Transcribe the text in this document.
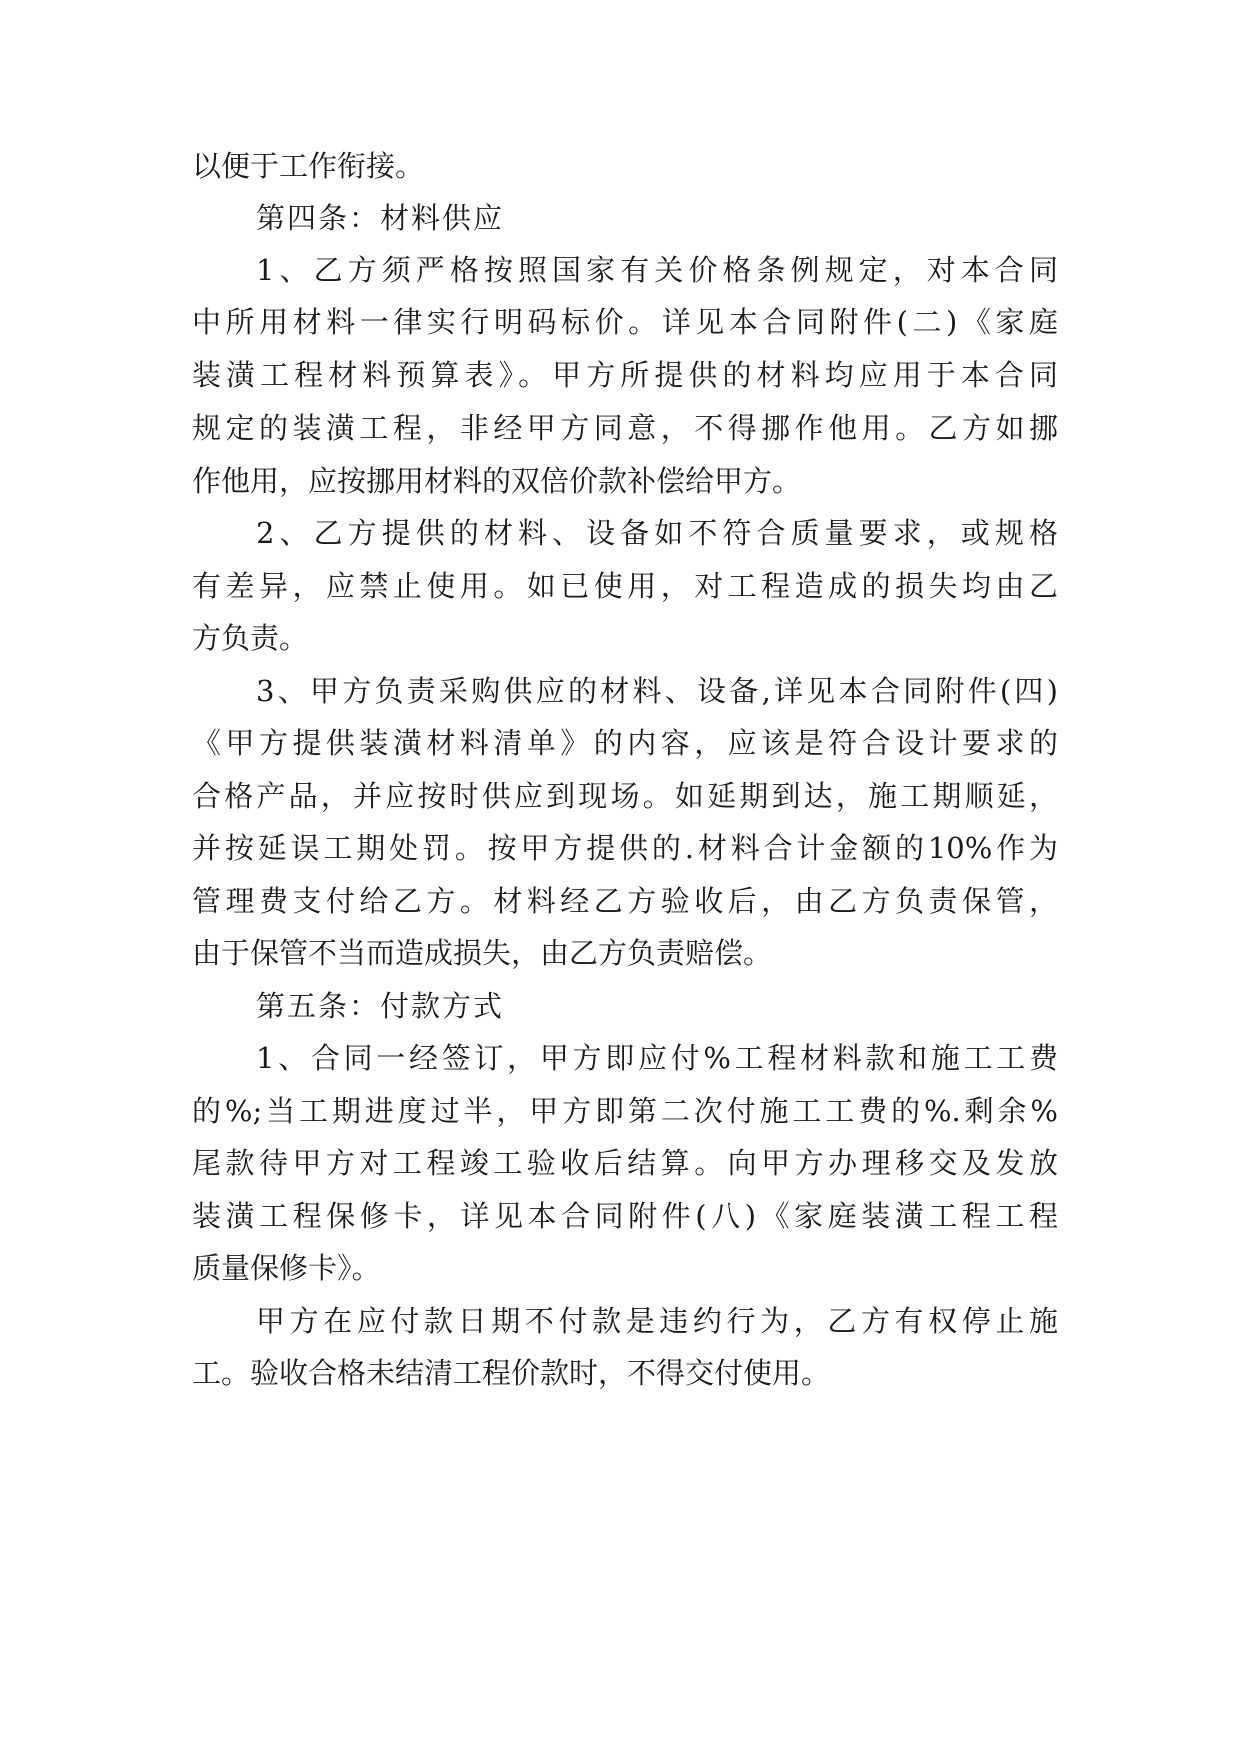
以便于工作衔接。
第四条：材料供应
1、乙方须严格按照国家有关价格条例规定，对本合同
中所用材料一律实行明码标价。详见本合同附件(二)《家庭
装潢工程材料预算表》。甲方所提供的材料均应用于本合同
规定的装潢工程，非经甲方同意，不得挪作他用。乙方如挪
作他用，应按挪用材料的双倍价款补偿给甲方。
2、乙方提供的材料、设备如不符合质量要求，或规格
有差异，应禁止使用。如已使用，对工程造成的损失均由乙
方负责。
3、甲方负责采购供应的材料、设备,详见本合同附件(四)
《甲方提供装潢材料清单》的内容，应该是符合设计要求的
合格产品，并应按时供应到现场。如延期到达，施工期顺延，
并按延误工期处罚。按甲方提供的.材料合计金额的10%作为
管理费支付给乙方。材料经乙方验收后，由乙方负责保管，
由于保管不当而造成损失，由乙方负责赔偿。
第五条：付款方式
1、合同一经签订，甲方即应付%工程材料款和施工工费
的%;当工期进度过半，甲方即第二次付施工工费的%.剩余%
尾款待甲方对工程竣工验收后结算。向甲方办理移交及发放
装潢工程保修卡，详见本合同附件(八)《家庭装潢工程工程
质量保修卡》。
甲方在应付款日期不付款是违约行为，乙方有权停止施
工。验收合格未结清工程价款时，不得交付使用。
